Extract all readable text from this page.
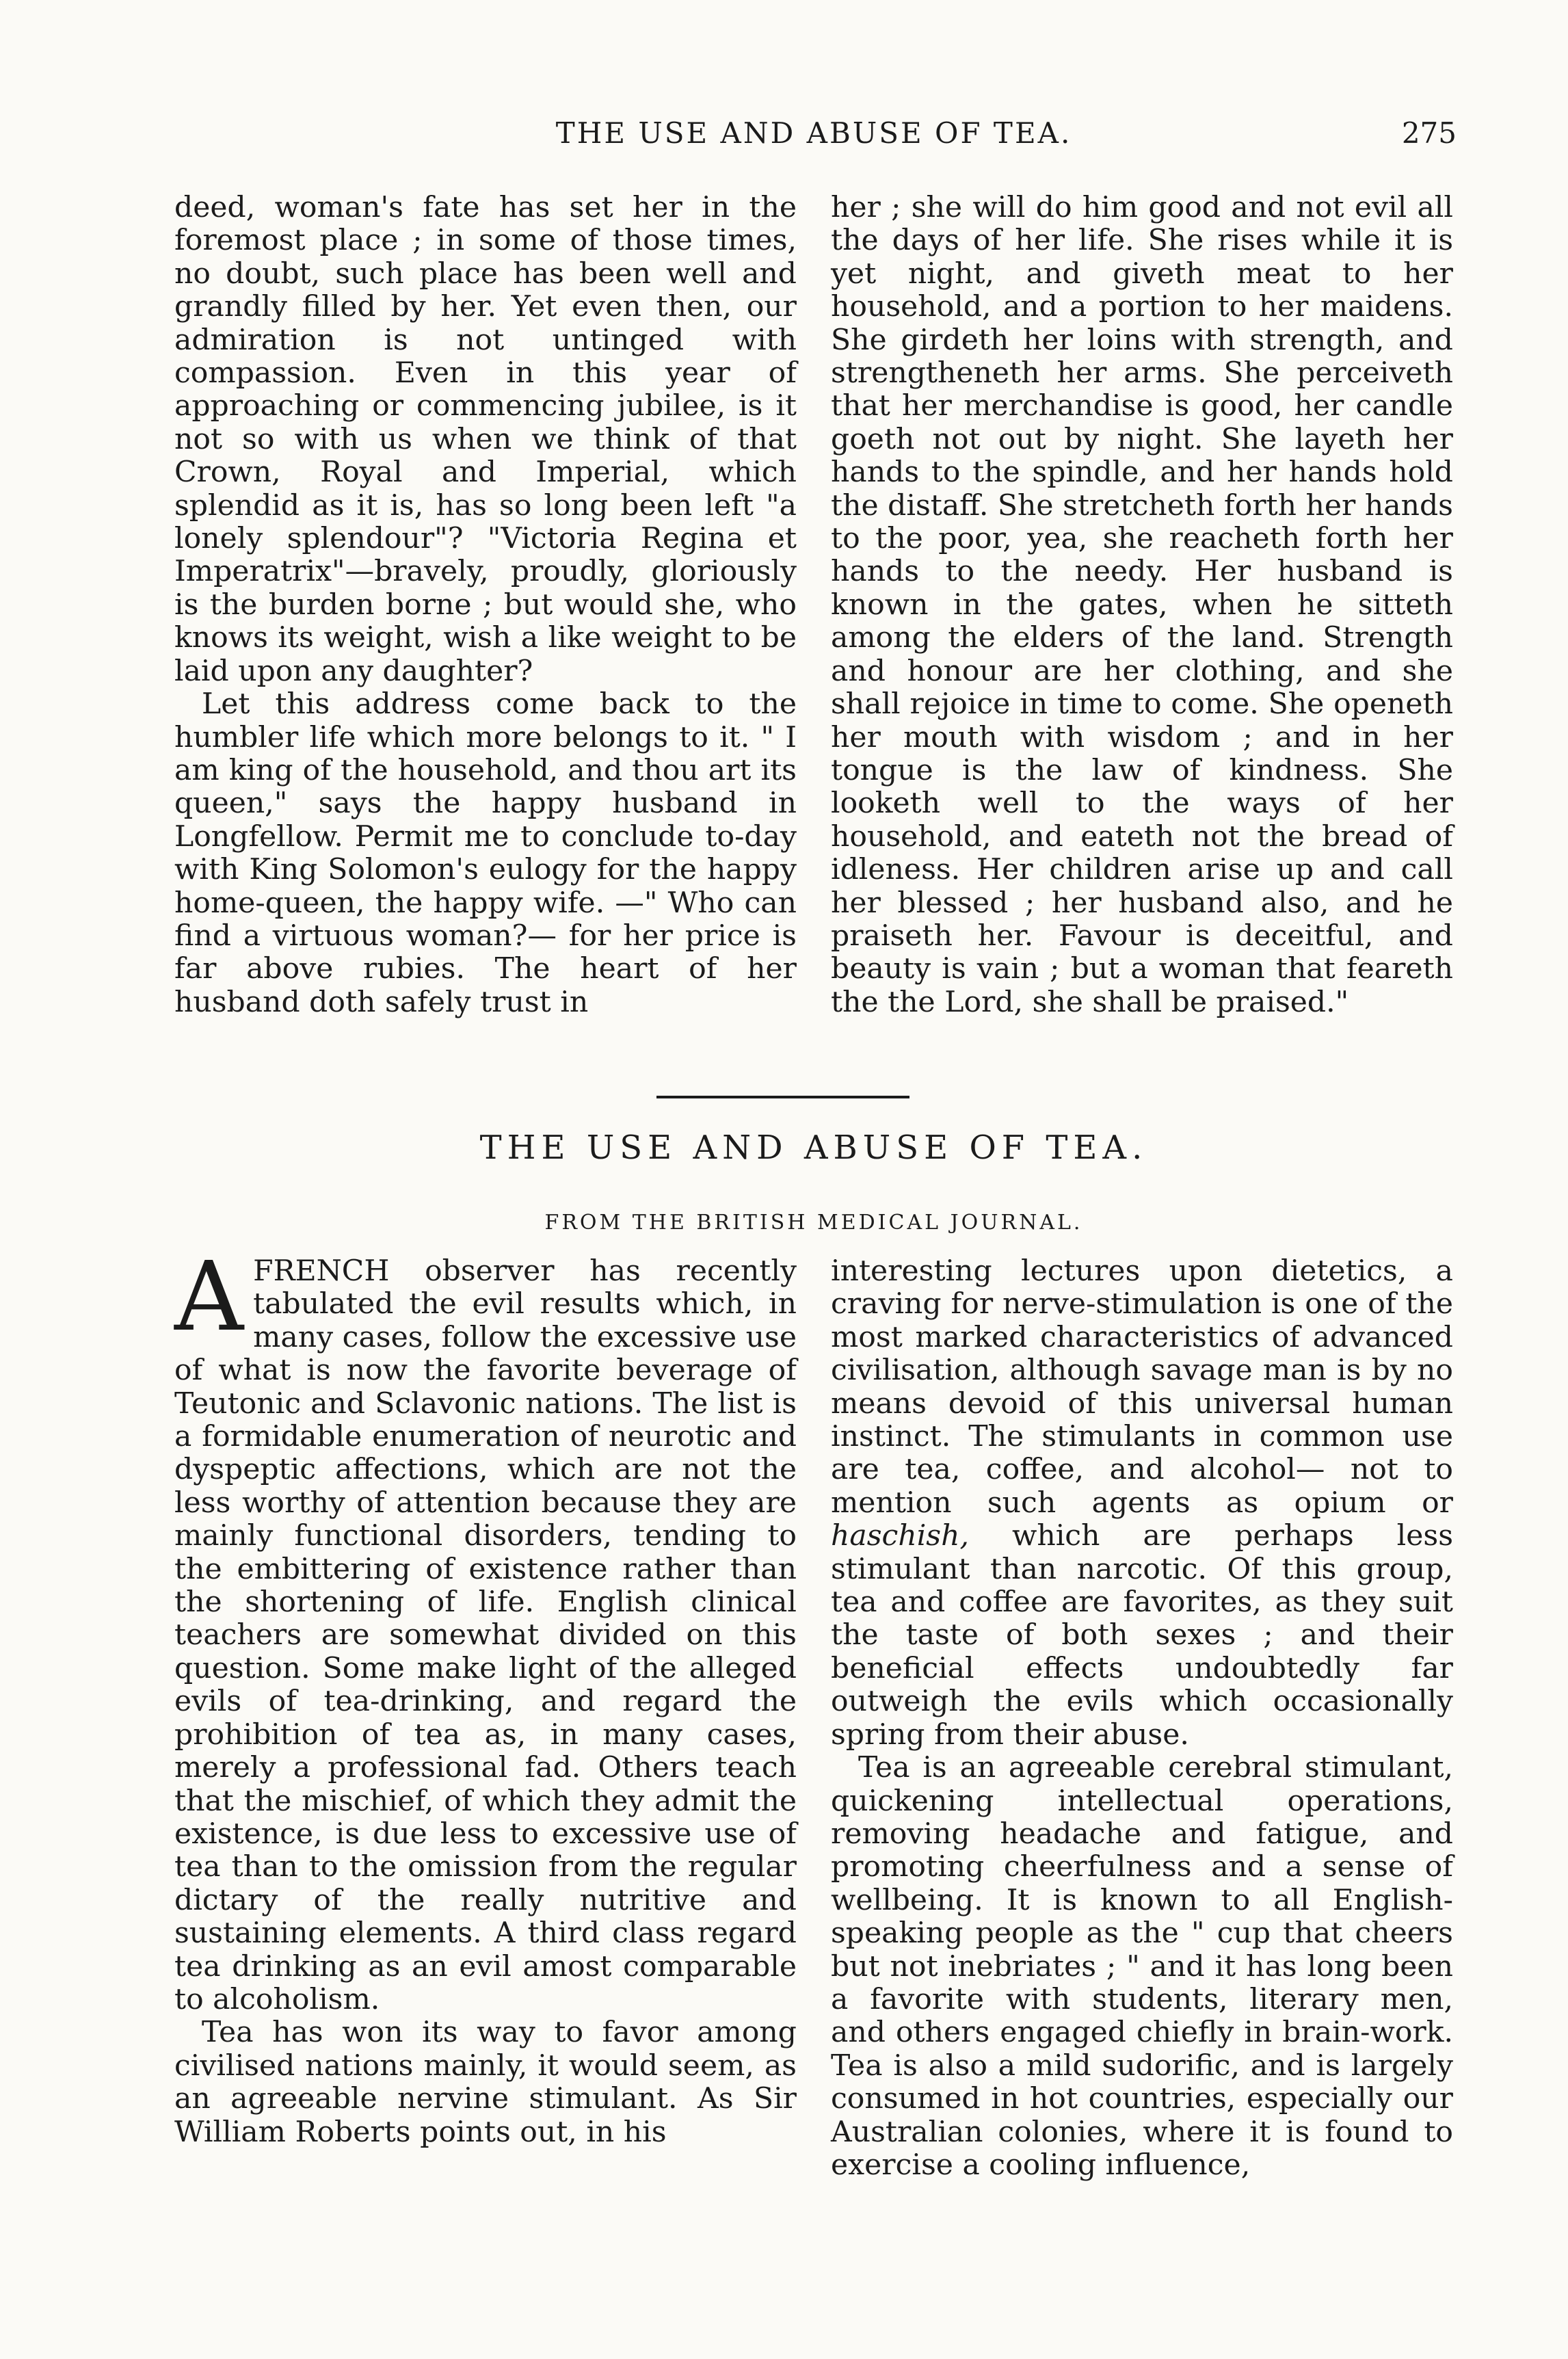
THE USE AND ABUSE OF TEA.	275

deed, woman's fate has set her in the foremost place ; in some of those times, no doubt, such place has been well and grandly filled by her. Yet even then, our admiration is not untinged with compassion. Even in this year of approaching or commencing jubilee, is it not so with us when we think of that Crown, Royal and Imperial, which splendid as it is, has so long been left "a lonely splendour"? "Victoria Regina et Imperatrix"—bravely, proudly, gloriously is the burden borne ; but would she, who knows its weight, wish a like weight to be laid upon any daughter?

Let this address come back to the humbler life which more belongs to it. " I am king of the household, and thou art its queen," says the happy husband in Longfellow. Permit me to conclude to-day with King Solomon's eulogy for the happy home-queen, the happy wife. —" Who can find a virtuous woman?— for her price is far above rubies. The heart of her husband doth safely trust in

her ; she will do him good and not evil all the days of her life. She rises while it is yet night, and giveth meat to her household, and a portion to her maidens. She girdeth her loins with strength, and strengtheneth her arms. She perceiveth that her merchandise is good, her candle goeth not out by night. She layeth her hands to the spindle, and her hands hold the distaff. She stretcheth forth her hands to the poor, yea, she reacheth forth her hands to the needy. Her husband is known in the gates, when he sitteth among the elders of the land. Strength and honour are her clothing, and she shall rejoice in time to come. She openeth her mouth with wisdom ; and in her tongue is the law of kindness. She looketh well to the ways of her household, and eateth not the bread of idleness. Her children arise up and call her blessed ; her husband also, and he praiseth her. Favour is deceitful, and beauty is vain ; but a woman that feareth the the Lord, she shall be praised."

THE USE AND ABUSE OF TEA.
FROM THE BRITISH MEDICAL JOURNAL.

AFRENCH observer has recently tabulated the evil results which, in many cases, follow the excessive use of what is now the favorite beverage of Teutonic and Sclavonic nations. The list is a formidable enumeration of neurotic and dyspeptic affections, which are not the less worthy of attention because they are mainly functional disorders, tending to the embittering of existence rather than the shortening of life. English clinical teachers are somewhat divided on this question. Some make light of the alleged evils of tea-drinking, and regard the prohibition of tea as, in many cases, merely a professional fad. Others teach that the mischief, of which they admit the existence, is due less to excessive use of tea than to the omission from the regular dictary of the really nutritive and sustaining elements. A third class regard tea drinking as an evil amost comparable to alcoholism.

Tea has won its way to favor among civilised nations mainly, it would seem, as an agreeable nervine stimulant. As Sir William Roberts points out, in his

interesting lectures upon dietetics, a craving for nerve-stimulation is one of the most marked characteristics of advanced civilisation, although savage man is by no means devoid of this universal human instinct. The stimulants in common use are tea, coffee, and alcohol— not to mention such agents as opium or haschish, which are perhaps less stimulant than narcotic. Of this group, tea and coffee are favorites, as they suit the taste of both sexes ; and their beneficial effects undoubtedly far outweigh the evils which occasionally spring from their abuse.

Tea is an agreeable cerebral stimulant, quickening intellectual operations, removing headache and fatigue, and promoting cheerfulness and a sense of wellbeing. It is known to all English-speaking people as the " cup that cheers but not inebriates ; " and it has long been a favorite with students, literary men, and others engaged chiefly in brain-work. Tea is also a mild sudorific, and is largely consumed in hot countries, especially our Australian colonies, where it is found to exercise a cooling influence,
